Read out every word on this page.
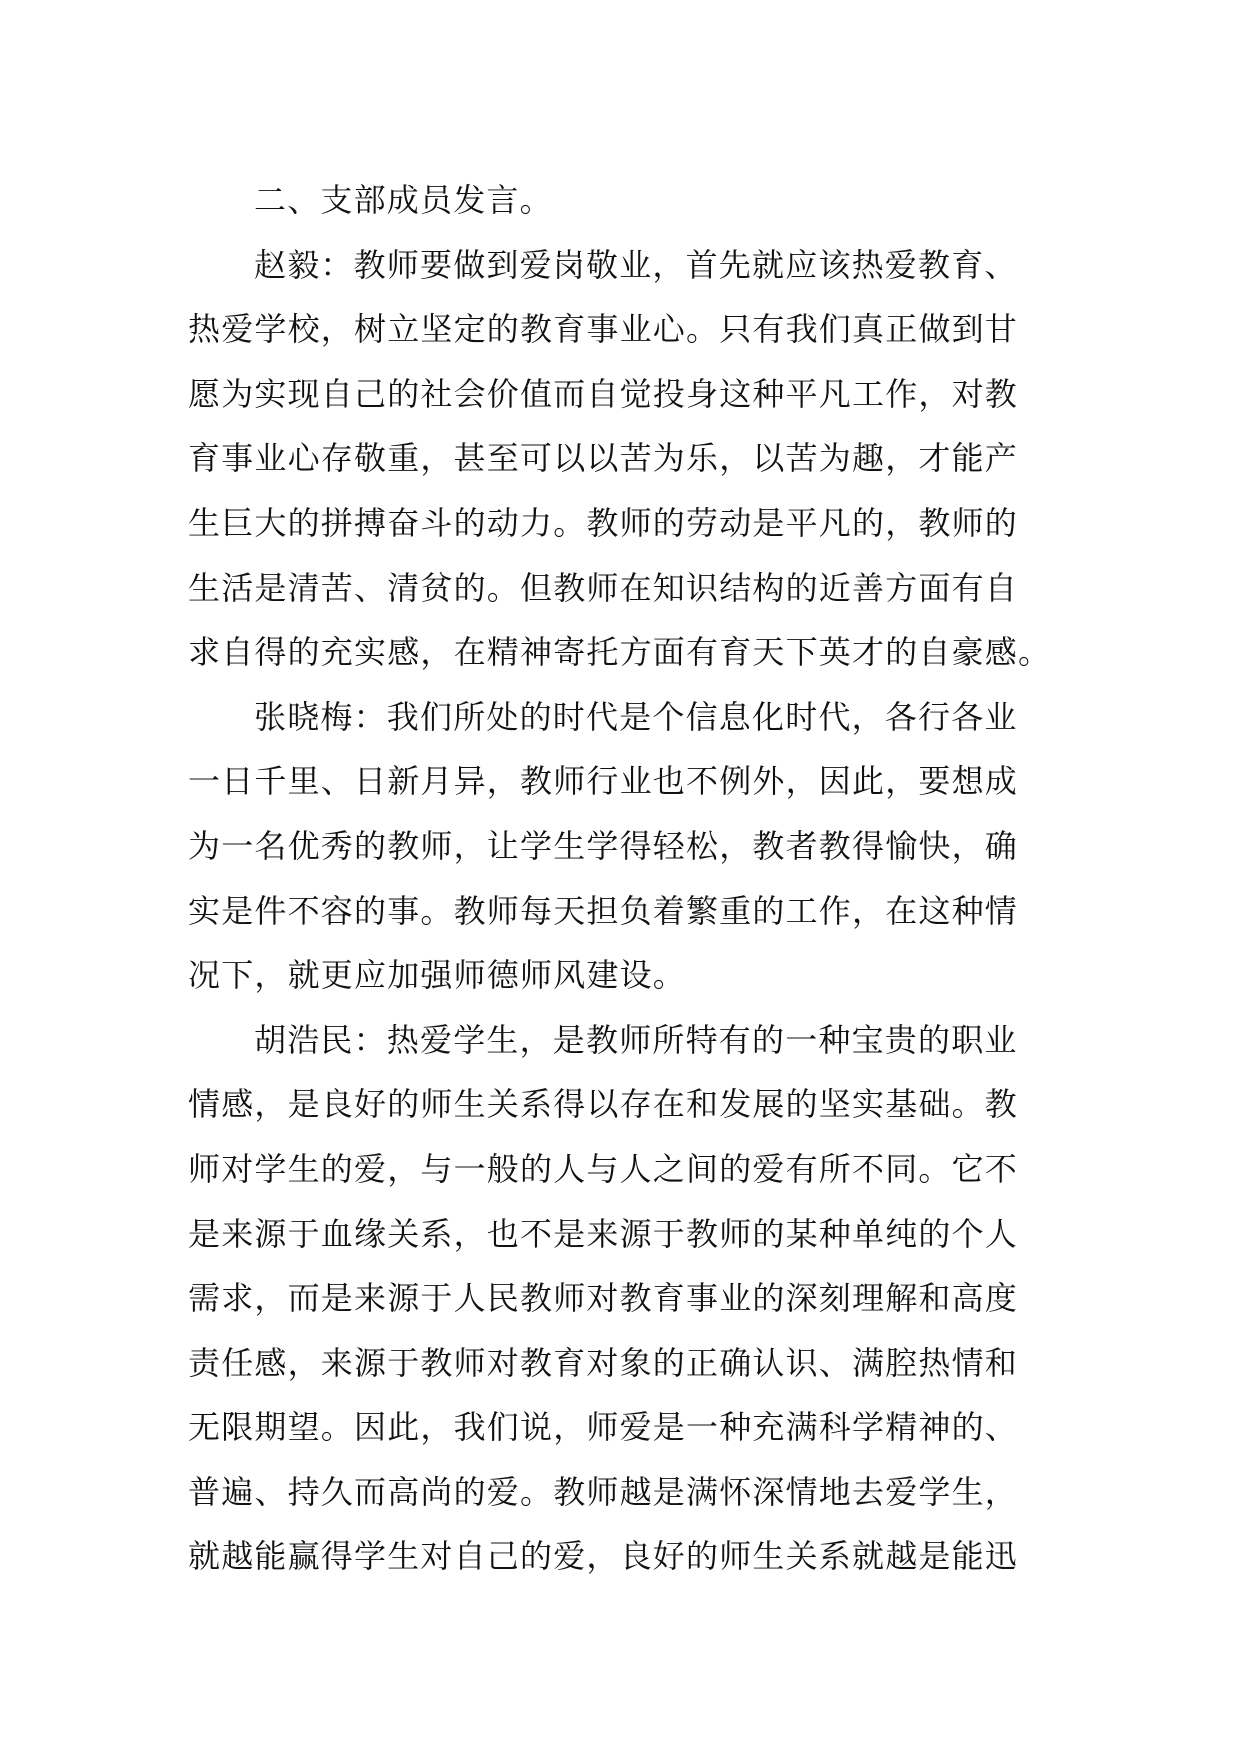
二、支部成员发言。
赵毅：教师要做到爱岗敬业，首先就应该热爱教育、
热爱学校，树立坚定的教育事业心。只有我们真正做到甘
愿为实现自己的社会价值而自觉投身这种平凡工作，对教
育事业心存敬重，甚至可以以苦为乐，以苦为趣，才能产
生巨大的拼搏奋斗的动力。教师的劳动是平凡的，教师的
生活是清苦、清贫的。但教师在知识结构的近善方面有自
求自得的充实感，在精神寄托方面有育天下英才的自豪感。
张晓梅：我们所处的时代是个信息化时代，各行各业
一日千里、日新月异，教师行业也不例外，因此，要想成
为一名优秀的教师，让学生学得轻松，教者教得愉快，确
实是件不容的事。教师每天担负着繁重的工作，在这种情
况下，就更应加强师德师风建设。
胡浩民：热爱学生，是教师所特有的一种宝贵的职业
情感，是良好的师生关系得以存在和发展的坚实基础。教
师对学生的爱，与一般的人与人之间的爱有所不同。它不
是来源于血缘关系，也不是来源于教师的某种单纯的个人
需求，而是来源于人民教师对教育事业的深刻理解和高度
责任感，来源于教师对教育对象的正确认识、满腔热情和
无限期望。因此，我们说，师爱是一种充满科学精神的、
普遍、持久而高尚的爱。教师越是满怀深情地去爱学生，
就越能赢得学生对自己的爱，良好的师生关系就越是能迅
